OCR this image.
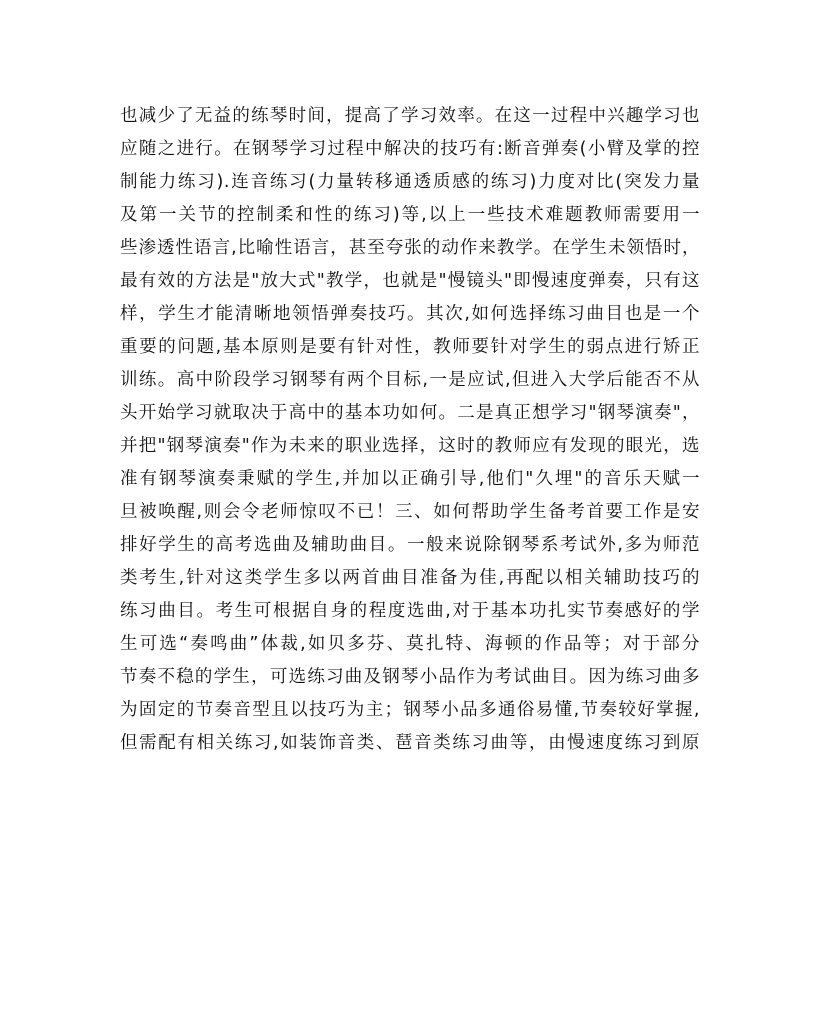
也减少了无益的练琴时间，提高了学习效率。在这一过程中兴趣学习也
应随之进行。在钢琴学习过程中解决的技巧有:断音弹奏(小臂及掌的控
制能力练习).连音练习(力量转移通透质感的练习)力度对比(突发力量
及第一关节的控制柔和性的练习)等,以上一些技术难题教师需要用一
些渗透性语言,比喻性语言，甚至夸张的动作来教学。在学生未领悟时，
最有效的方法是"放大式"教学，也就是"慢镜头"即慢速度弹奏，只有这
样，学生才能清晰地领悟弹奏技巧。其次,如何选择练习曲目也是一个
重要的问题,基本原则是要有针对性，教师要针对学生的弱点进行矫正
训练。高中阶段学习钢琴有两个目标,一是应试,但进入大学后能否不从
头开始学习就取决于高中的基本功如何。二是真正想学习"钢琴演奏"，
并把"钢琴演奏"作为未来的职业选择，这时的教师应有发现的眼光，选
准有钢琴演奏秉赋的学生,并加以正确引导,他们"久埋"的音乐天赋一
旦被唤醒,则会令老师惊叹不已！三、如何帮助学生备考首要工作是安
排好学生的高考选曲及辅助曲目。一般来说除钢琴系考试外,多为师范
类考生,针对这类学生多以两首曲目准备为佳,再配以相关辅助技巧的
练习曲目。考生可根据自身的程度选曲,对于基本功扎实节奏感好的学
生可选“奏鸣曲”体裁,如贝多芬、莫扎特、海顿的作品等；对于部分
节奏不稳的学生，可选练习曲及钢琴小品作为考试曲目。因为练习曲多
为固定的节奏音型且以技巧为主；钢琴小品多通俗易懂,节奏较好掌握,
但需配有相关练习,如装饰音类、琶音类练习曲等，由慢速度练习到原
